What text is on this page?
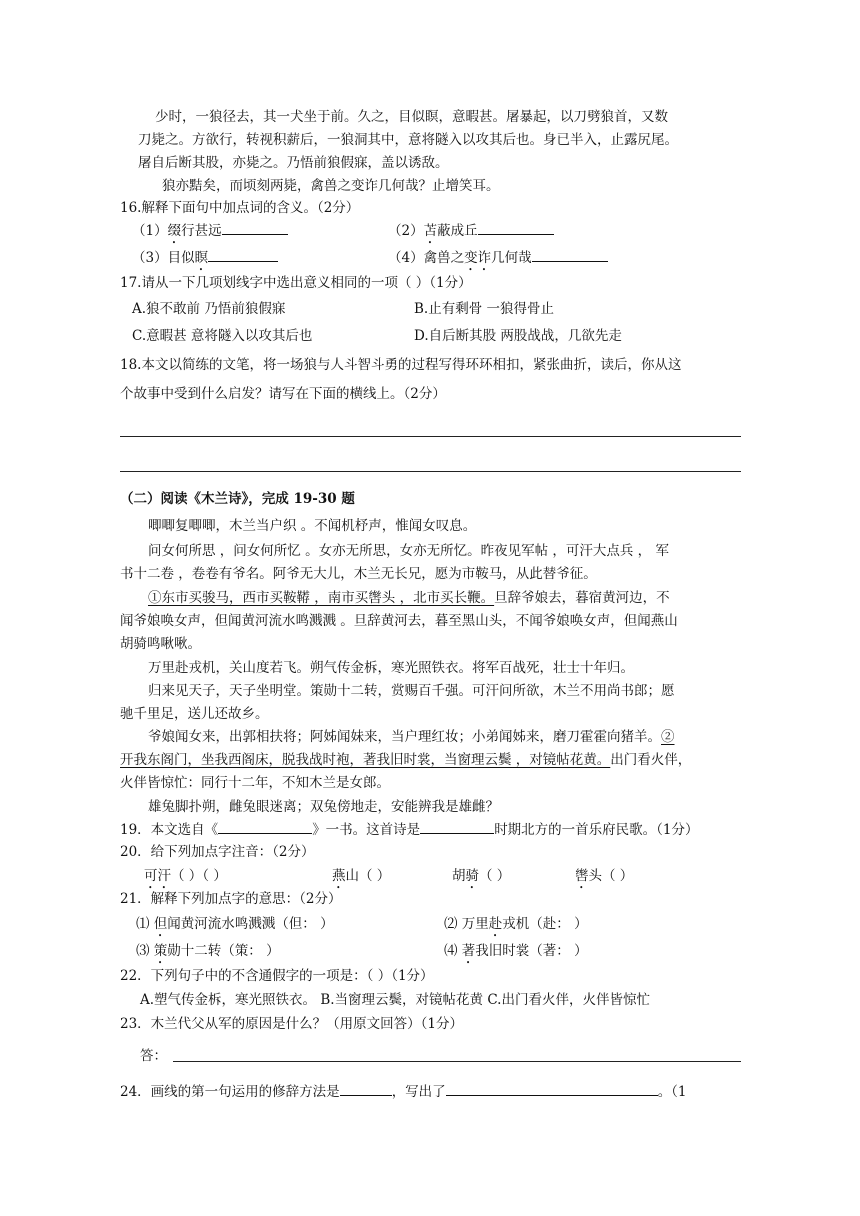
少时，一狼径去，其一犬坐于前。久之，目似瞑，意暇甚。屠暴起，以刀劈狼首，又数
刀毙之。方欲行，转视积薪后，一狼洞其中，意将隧入以攻其后也。身已半入，止露尻尾。
屠自后断其股，亦毙之。乃悟前狼假寐，盖以诱敌。
狼亦黠矣，而顷刻两毙，禽兽之变诈几何哉？止增笑耳。
16.解释下面句中加点词的含义。（2分）
（1）缀行甚远	（2）苫蔽成丘
（3）目似瞑	（4）禽兽之变诈几何哉
17.请从一下几项划线字中选出意义相同的一项（ ）（1分）
A.狼不敢前 乃悟前狼假寐	B.止有剩骨 一狼得骨止
C.意暇甚 意将隧入以攻其后也	D.自后断其股 两股战战，几欲先走
18.本文以简练的文笔，将一场狼与人斗智斗勇的过程写得环环相扣，紧张曲折，读后，你从这
个故事中受到什么启发？请写在下面的横线上。（2分）
（二）阅读《木兰诗》，完成 19-30 题
唧唧复唧唧，木兰当户织 。不闻机杼声，惟闻女叹息。
问女何所思 ，问女何所忆 。女亦无所思，女亦无所忆。昨夜见军帖 ，可汗大点兵 ， 军
书十二卷 ，卷卷有爷名。阿爷无大儿，木兰无长兄，愿为市鞍马，从此替爷征。
①东市买骏马，西市买鞍鞯 ，南市买辔头 ，北市买长鞭。旦辞爷娘去，暮宿黄河边，不
闻爷娘唤女声，但闻黄河流水鸣溅溅 。旦辞黄河去，暮至黑山头，不闻爷娘唤女声，但闻燕山
胡骑鸣啾啾。
万里赴戎机，关山度若飞。朔气传金柝，寒光照铁衣。将军百战死，壮士十年归。
归来见天子，天子坐明堂。策勋十二转，赏赐百千强。可汗问所欲，木兰不用尚书郎；愿
驰千里足，送儿还故乡。
爷娘闻女来，出郭相扶将；阿姊闻妹来，当户理红妆；小弟闻姊来，磨刀霍霍向猪羊。②
开我东阁门，坐我西阁床，脱我战时袍，著我旧时裳，当窗理云鬓 ，对镜帖花黄。出门看火伴，
火伴皆惊忙：同行十二年，不知木兰是女郎。
雄兔脚扑朔，雌兔眼迷离；双兔傍地走，安能辨我是雄雌？
19．本文选自《	》一书。这首诗是	时期北方的一首乐府民歌。（1分）
20．给下列加点字注音：（2分）
可汗（ ）（ ）	燕山（ ）	胡骑（ ）	辔头（ ）
21．解释下列加点字的意思：（2分）
⑴ 但闻黄河流水鸣溅溅（但： ）	⑵ 万里赴戎机（赴： ）
⑶ 策勋十二转（策： ）	⑷ 著我旧时裳（著： ）
22．下列句子中的不含通假字的一项是：（ ）（1分）
A.塑气传金柝，寒光照铁衣。 B.当窗理云鬓，对镜帖花黄 C.出门看火伴，火伴皆惊忙
23．木兰代父从军的原因是什么？（用原文回答）（1分）
答：
24．画线的第一句运用的修辞方法是	，写出了	。（1
